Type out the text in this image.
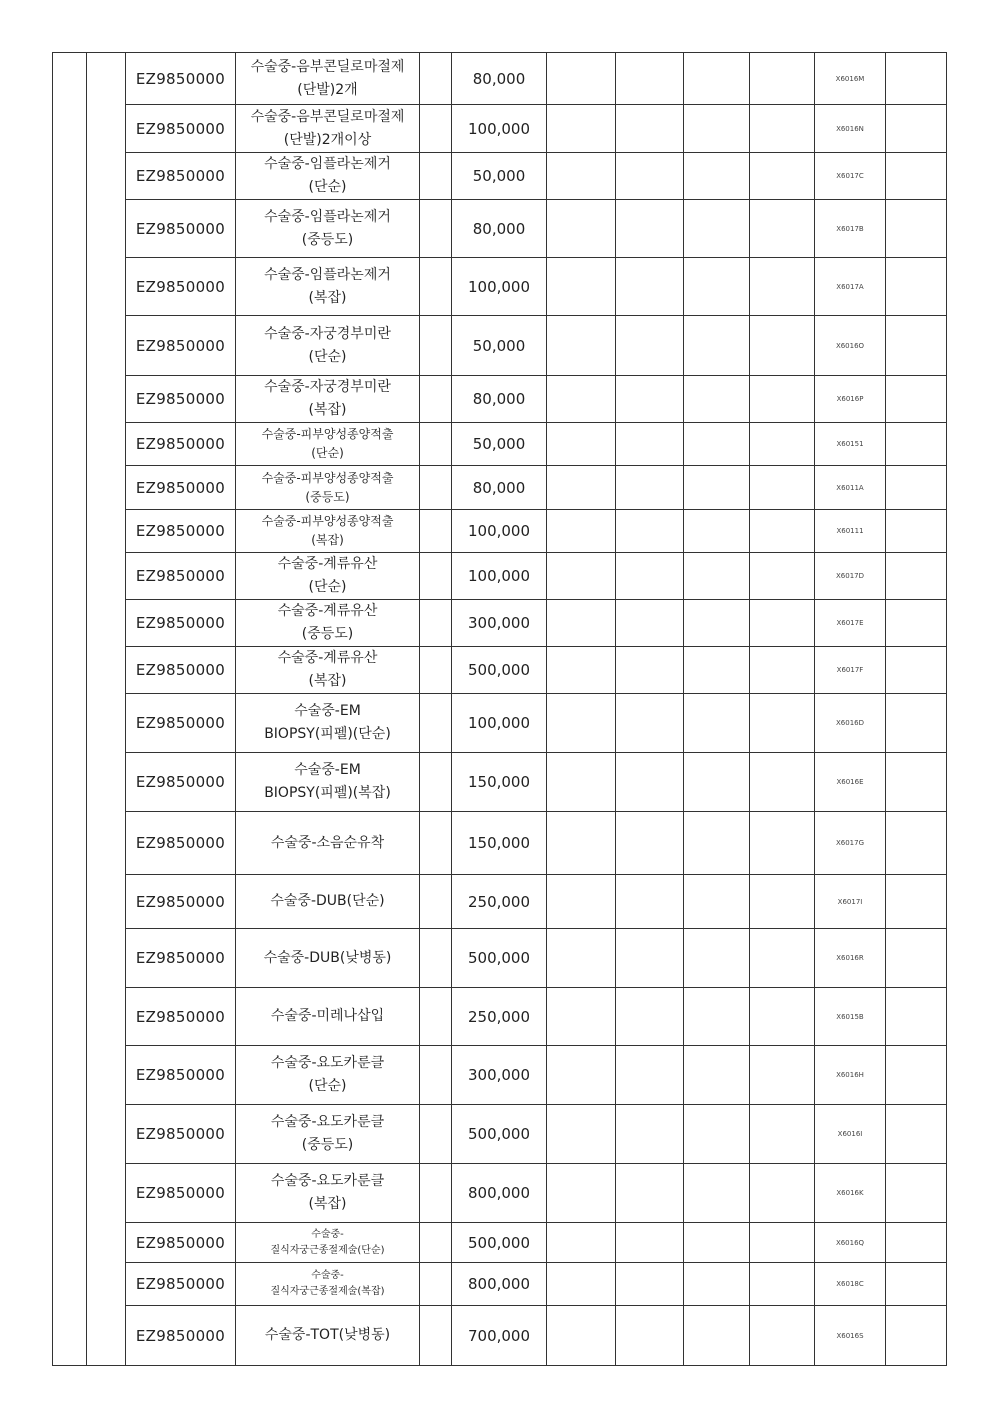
		EZ9850000	수술중-음부콘딜로마절제
(단발)2개		80,000					X6016M	
		EZ9850000	수술중-음부콘딜로마절제
(단발)2개이상		100,000					X6016N	
		EZ9850000	수술중-임플라논제거
(단순)		50,000					X6017C	
		EZ9850000	수술중-임플라논제거
(중등도)		80,000					X6017B	
		EZ9850000	수술중-임플라논제거
(복잡)		100,000					X6017A	
		EZ9850000	수술중-자궁경부미란
(단순)		50,000					X6016O	
		EZ9850000	수술중-자궁경부미란
(복잡)		80,000					X6016P	
		EZ9850000	수술중-피부양성종양적출
(단순)		50,000					X60151	
		EZ9850000	수술중-피부양성종양적출
(중등도)		80,000					X6011A	
		EZ9850000	수술중-피부양성종양적출
(복잡)		100,000					X60111	
		EZ9850000	수술중-계류유산
(단순)		100,000					X6017D	
		EZ9850000	수술중-계류유산
(중등도)		300,000					X6017E	
		EZ9850000	수술중-계류유산
(복잡)		500,000					X6017F	
		EZ9850000	수술중-EM
BIOPSY(피펠)(단순)		100,000					X6016D	
		EZ9850000	수술중-EM
BIOPSY(피펠)(복잡)		150,000					X6016E	
		EZ9850000	수술중-소음순유착		150,000					X6017G	
		EZ9850000	수술중-DUB(단순)		250,000					X6017I	
		EZ9850000	수술중-DUB(낮병동)		500,000					X6016R	
		EZ9850000	수술중-미레나삽입		250,000					X6015B	
		EZ9850000	수술중-요도카룬클
(단순)		300,000					X6016H	
		EZ9850000	수술중-요도카룬클
(중등도)		500,000					X6016I	
		EZ9850000	수술중-요도카룬클
(복잡)		800,000					X6016K	
		EZ9850000	수술중-
질식자궁근종절제술(단순)		500,000					X6016Q	
		EZ9850000	수술중-
질식자궁근종절제술(복잡)		800,000					X6018C	
		EZ9850000	수술중-TOT(낮병동)		700,000					X6016S	
